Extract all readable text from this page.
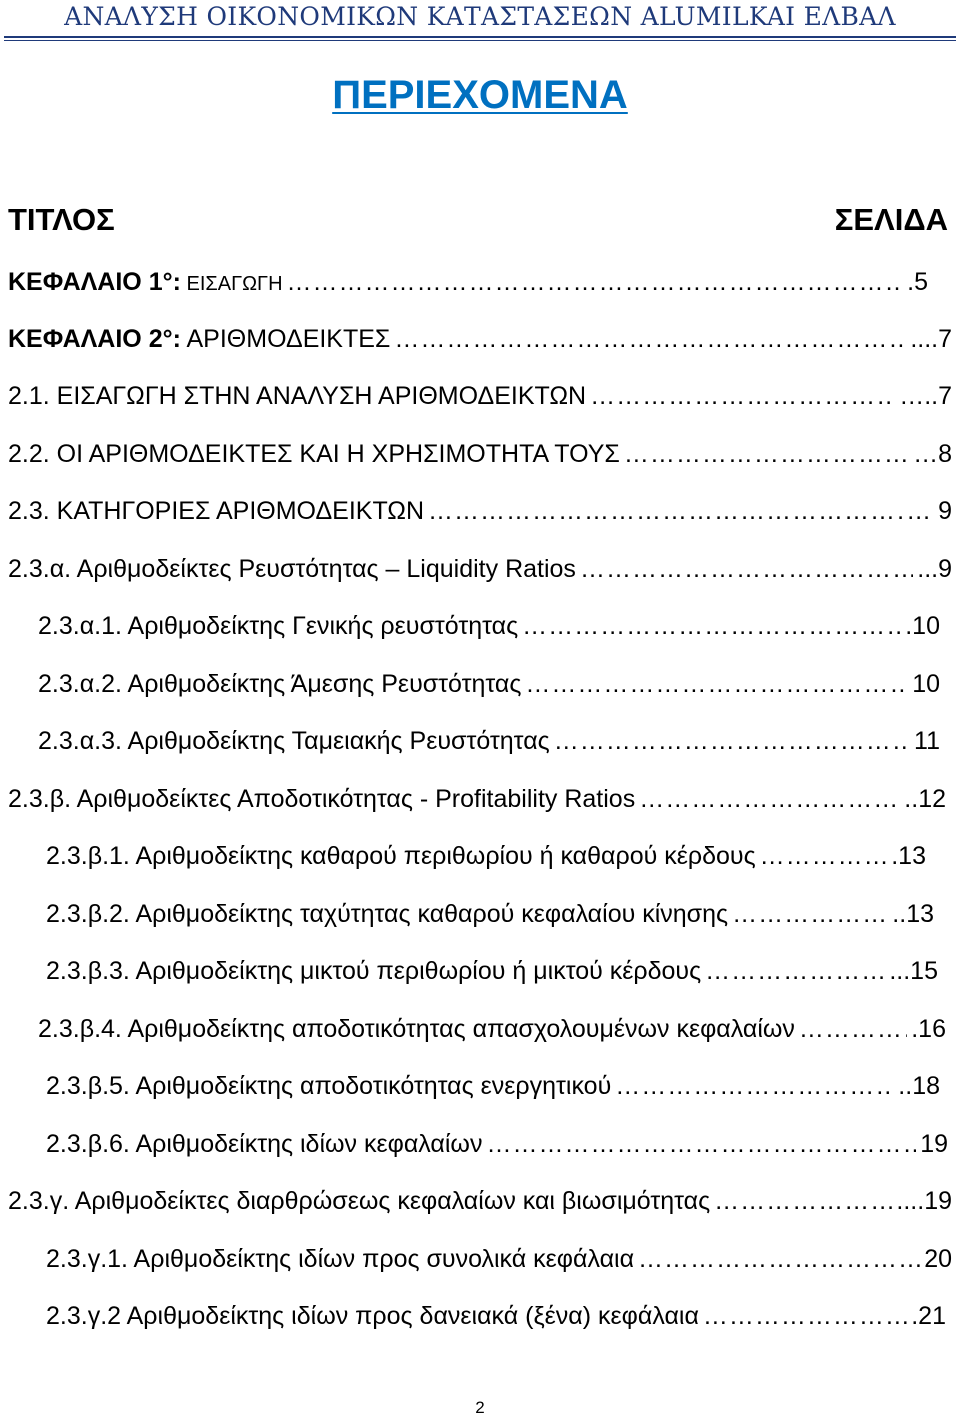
ΑΝΑΛΥΣΗ ΟΙΚΟΝΟΜΙΚΩΝ ΚΑΤΑΣΤΑΣΕΩΝ ALUMILKAI ΕΛΒΑΛ
ΠΕΡΙΕΧΟΜΕΝΑ
ΤΙΤΛΟΣ	ΣΕΛΙΔΑ
ΚΕΦΑΛΑΙΟ 1°: ΕΙΣΑΓΩΓΗ …………………………………………………………………………………………………………………………………………………	.5
ΚΕΦΑΛΑΙΟ 2°: ΑΡΙΘΜΟΔΕΙΚΤΕΣ …………………………………………………………………………………………………………………………………………………	....7
2.1. ΕΙΣΑΓΩΓΗ ΣΤΗΝ ΑΝΑΛΥΣΗ ΑΡΙΘΜΟΔΕΙΚΤΩΝ …………………………………………………………………………………………………………………………………………………	…..7
2.2. ΟΙ ΑΡΙΘΜΟΔΕΙΚΤΕΣ ΚΑΙ Η ΧΡΗΣΙΜΟΤΗΤΑ ΤΟΥΣ …………………………………………………………………………………………………………………………………………………	…8
2.3. ΚΑΤΗΓΟΡΙΕΣ ΑΡΙΘΜΟΔΕΙΚΤΩΝ …………………………………………………………………………………………………………………………………………………	… 9
2.3.α. Αριθμοδείκτες Ρευστότητας – Liquidity Ratios …………………………………………………………………………………………………………………………………………………	...9
2.3.α.1. Αριθμοδείκτης Γενικής ρευστότητας …………………………………………………………………………………………………………………………………………………	.10
2.3.α.2. Αριθμοδείκτης Άμεσης Ρευστότητας …………………………………………………………………………………………………………………………………………………	10
2.3.α.3. Αριθμοδείκτης Ταμειακής Ρευστότητας …………………………………………………………………………………………………………………………………………………	11
2.3.β. Αριθμοδείκτες Αποδοτικότητας - Profitability Ratios …………………………………………………………………………………………………………………………………………………	..12
2.3.β.1. Αριθμοδείκτης καθαρού περιθωρίου ή καθαρού κέρδους …………………………………………………………………………………………………………………………………………………	.13
2.3.β.2. Αριθμοδείκτης ταχύτητας καθαρού κεφαλαίου κίνησης …………………………………………………………………………………………………………………………………………………	..13
2.3.β.3. Αριθμοδείκτης μικτού περιθωρίου ή μικτού κέρδους …………………………………………………………………………………………………………………………………………………	...15
2.3.β.4. Αριθμοδείκτης αποδοτικότητας απασχολουμένων κεφαλαίων …………………………………………………………………………………………………………………………………………………	.16
2.3.β.5. Αριθμοδείκτης αποδοτικότητας ενεργητικού …………………………………………………………………………………………………………………………………………………	..18
2.3.β.6. Αριθμοδείκτης ιδίων κεφαλαίων …………………………………………………………………………………………………………………………………………………	19
2.3.γ. Αριθμοδείκτες διαρθρώσεως κεφαλαίων και βιωσιμότητας …………………………………………………………………………………………………………………………………………………	....19
2.3.γ.1. Αριθμοδείκτης ιδίων προς συνολικά κεφάλαια …………………………………………………………………………………………………………………………………………………	20
2.3.γ.2 Αριθμοδείκτης ιδίων προς δανειακά (ξένα) κεφάλαια …………………………………………………………………………………………………………………………………………………	.21
2
